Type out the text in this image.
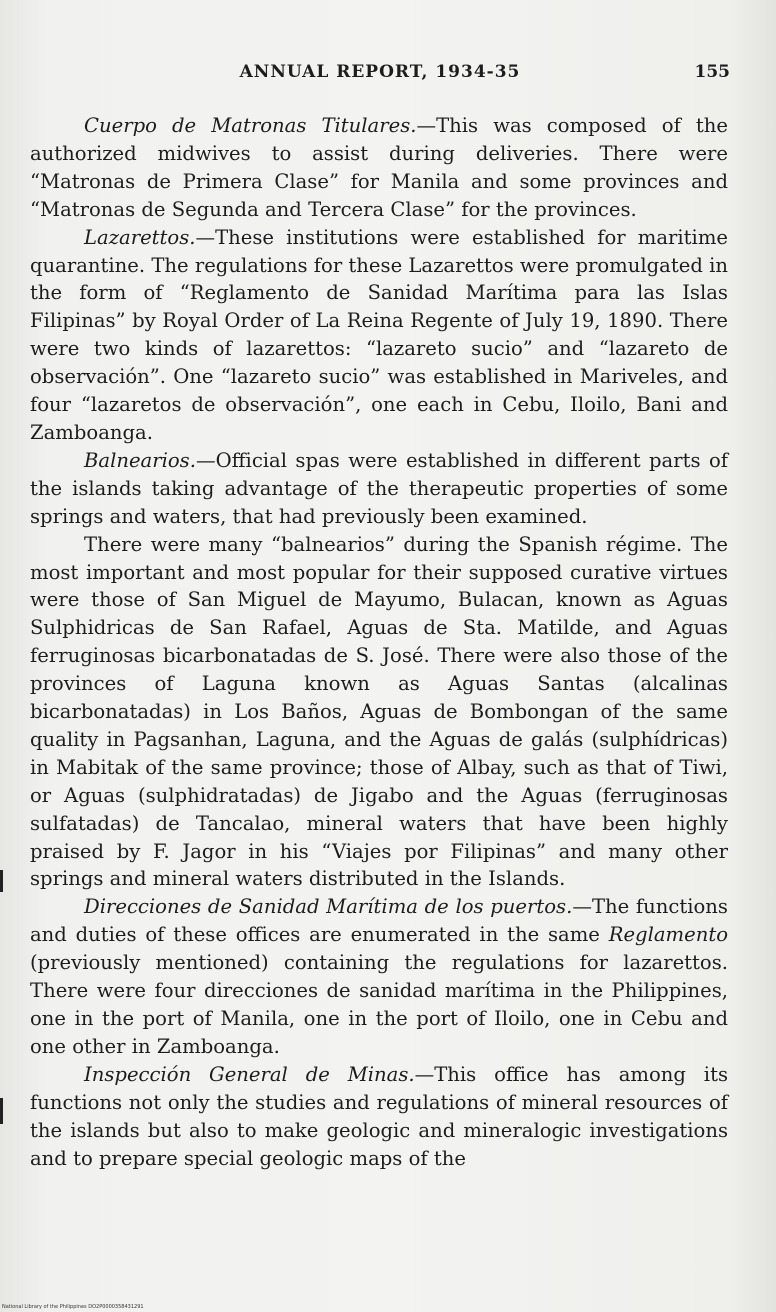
ANNUAL REPORT, 1934-35	155

Cuerpo de Matronas Titulares.—This was composed of the authorized midwives to assist during deliveries. There were “Matronas de Primera Clase” for Manila and some provinces and “Matronas de Segunda and Tercera Clase” for the provinces.

Lazarettos.—These institutions were established for maritime quarantine. The regulations for these Lazarettos were promulgated in the form of “Reglamento de Sanidad Marítima para las Islas Filipinas” by Royal Order of La Reina Regente of July 19, 1890. There were two kinds of lazarettos: “lazareto sucio” and “lazareto de observación”. One “lazareto sucio” was established in Mariveles, and four “lazaretos de observación”, one each in Cebu, Iloilo, Bani and Zamboanga.

Balnearios.—Official spas were established in different parts of the islands taking advantage of the therapeutic properties of some springs and waters, that had previously been examined.

There were many “balnearios” during the Spanish régime. The most important and most popular for their supposed curative virtues were those of San Miguel de Mayumo, Bulacan, known as Aguas Sulphidricas de San Rafael, Aguas de Sta. Matilde, and Aguas ferruginosas bicarbonatadas de S. José. There were also those of the provinces of Laguna known as Aguas Santas (alcalinas bicarbonatadas) in Los Baños, Aguas de Bombongan of the same quality in Pagsanhan, Laguna, and the Aguas de galás (sulphídricas) in Mabitak of the same province; those of Albay, such as that of Tiwi, or Aguas (sulphidratadas) de Jigabo and the Aguas (ferruginosas sulfatadas) de Tancalao, mineral waters that have been highly praised by F. Jagor in his “Viajes por Filipinas” and many other springs and mineral waters distributed in the Islands.

Direcciones de Sanidad Marítima de los puertos.—The functions and duties of these offices are enumerated in the same Reglamento (previously mentioned) containing the regulations for lazarettos. There were four direcciones de sanidad marítima in the Philippines, one in the port of Manila, one in the port of Iloilo, one in Cebu and one other in Zamboanga.

Inspección General de Minas.—This office has among its functions not only the studies and regulations of mineral resources of the islands but also to make geologic and mineralogic investigations and to prepare special geologic maps of the

National Library of the Philippines DO2P0000358431291
